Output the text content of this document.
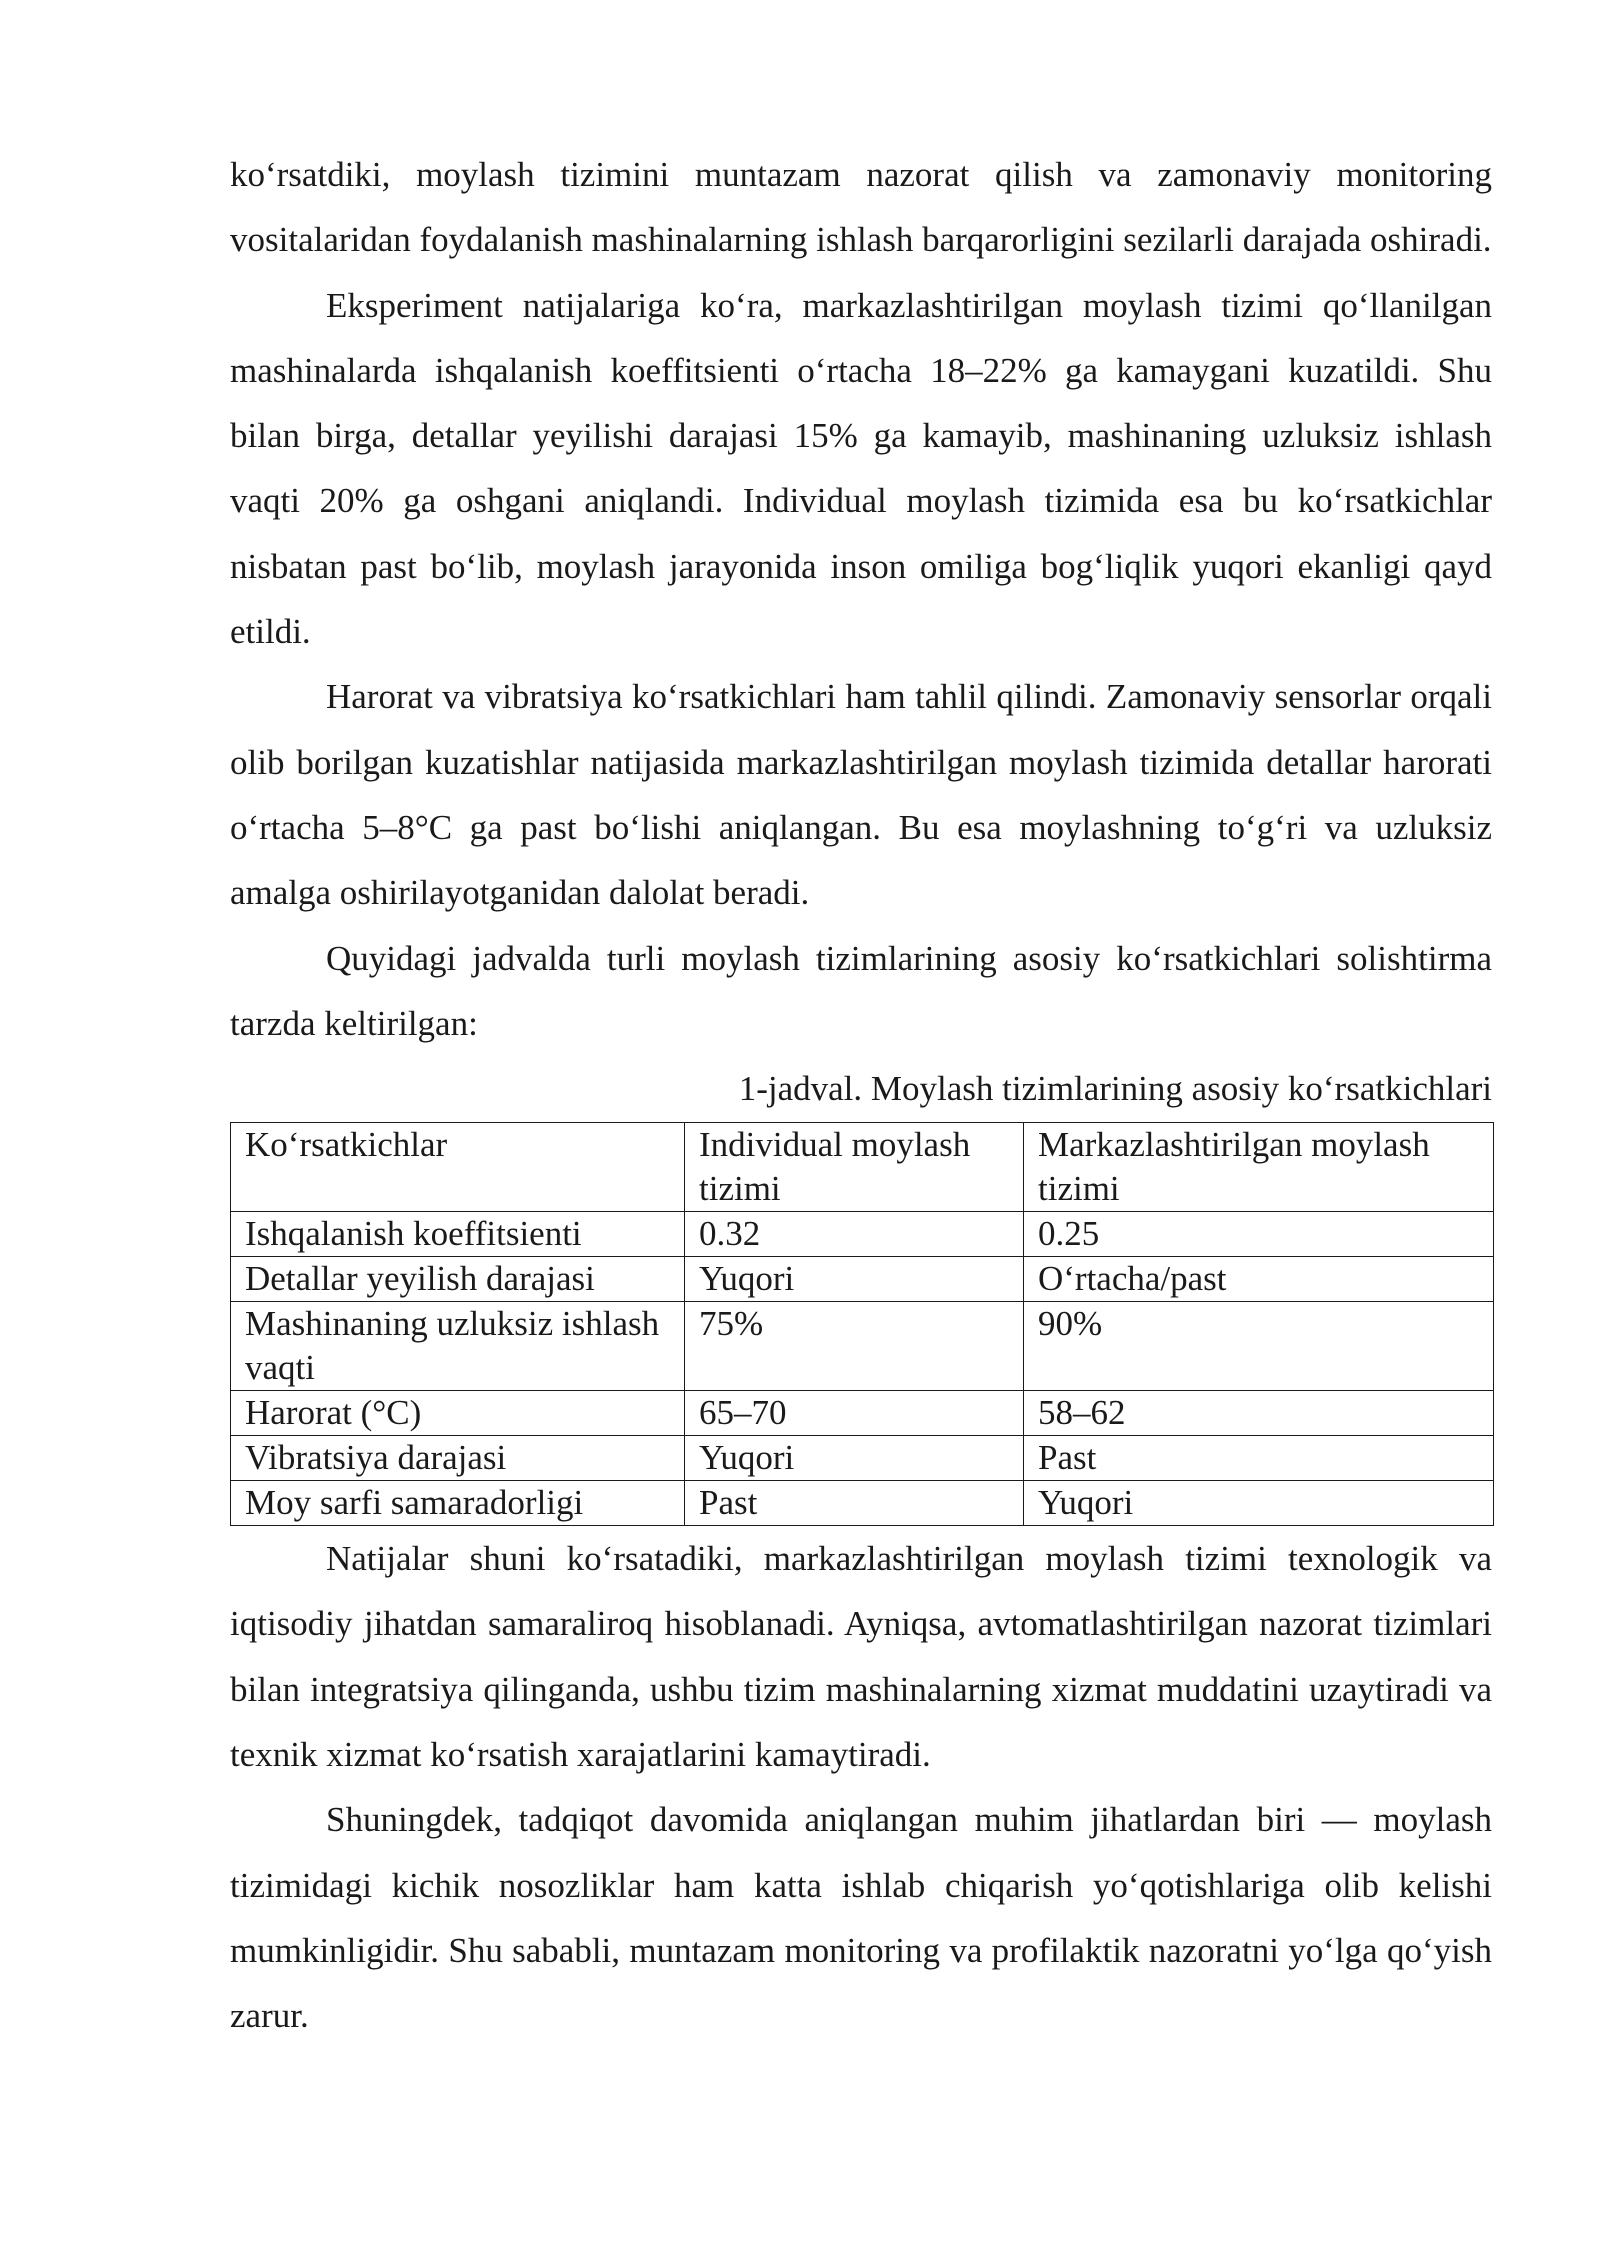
ko‘rsatdiki, moylash tizimini muntazam nazorat qilish va zamonaviy monitoring vositalaridan foydalanish mashinalarning ishlash barqarorligini sezilarli darajada oshiradi.

Eksperiment natijalariga ko‘ra, markazlashtirilgan moylash tizimi qo‘llanilgan mashinalarda ishqalanish koeffitsienti o‘rtacha 18–22% ga kamaygani kuzatildi. Shu bilan birga, detallar yeyilishi darajasi 15% ga kamayib, mashinaning uzluksiz ishlash vaqti 20% ga oshgani aniqlandi. Individual moylash tizimida esa bu ko‘rsatkichlar nisbatan past bo‘lib, moylash jarayonida inson omiliga bog‘liqlik yuqori ekanligi qayd etildi.

Harorat va vibratsiya ko‘rsatkichlari ham tahlil qilindi. Zamonaviy sensorlar orqali olib borilgan kuzatishlar natijasida markazlashtirilgan moylash tizimida detallar harorati o‘rtacha 5–8°C ga past bo‘lishi aniqlangan. Bu esa moylashning to‘g‘ri va uzluksiz amalga oshirilayotganidan dalolat beradi.

Quyidagi jadvalda turli moylash tizimlarining asosiy ko‘rsatkichlari solishtirma tarzda keltirilgan:

1-jadval. Moylash tizimlarining asosiy ko‘rsatkichlari

Ko‘rsatkichlar	Individual moylash tizimi	Markazlashtirilgan moylash tizimi
Ishqalanish koeffitsienti	0.32	0.25
Detallar yeyilish darajasi	Yuqori	O‘rtacha/past
Mashinaning uzluksiz ishlash vaqti	75%	90%
Harorat (°C)	65–70	58–62
Vibratsiya darajasi	Yuqori	Past
Moy sarfi samaradorligi	Past	Yuqori

Natijalar shuni ko‘rsatadiki, markazlashtirilgan moylash tizimi texnologik va iqtisodiy jihatdan samaraliroq hisoblanadi. Ayniqsa, avtomatlashtirilgan nazorat tizimlari bilan integratsiya qilinganda, ushbu tizim mashinalarning xizmat muddatini uzaytiradi va texnik xizmat ko‘rsatish xarajatlarini kamaytiradi.

Shuningdek, tadqiqot davomida aniqlangan muhim jihatlardan biri — moylash tizimidagi kichik nosozliklar ham katta ishlab chiqarish yo‘qotishlariga olib kelishi mumkinligidir. Shu sababli, muntazam monitoring va profilaktik nazoratni yo‘lga qo‘yish zarur.
